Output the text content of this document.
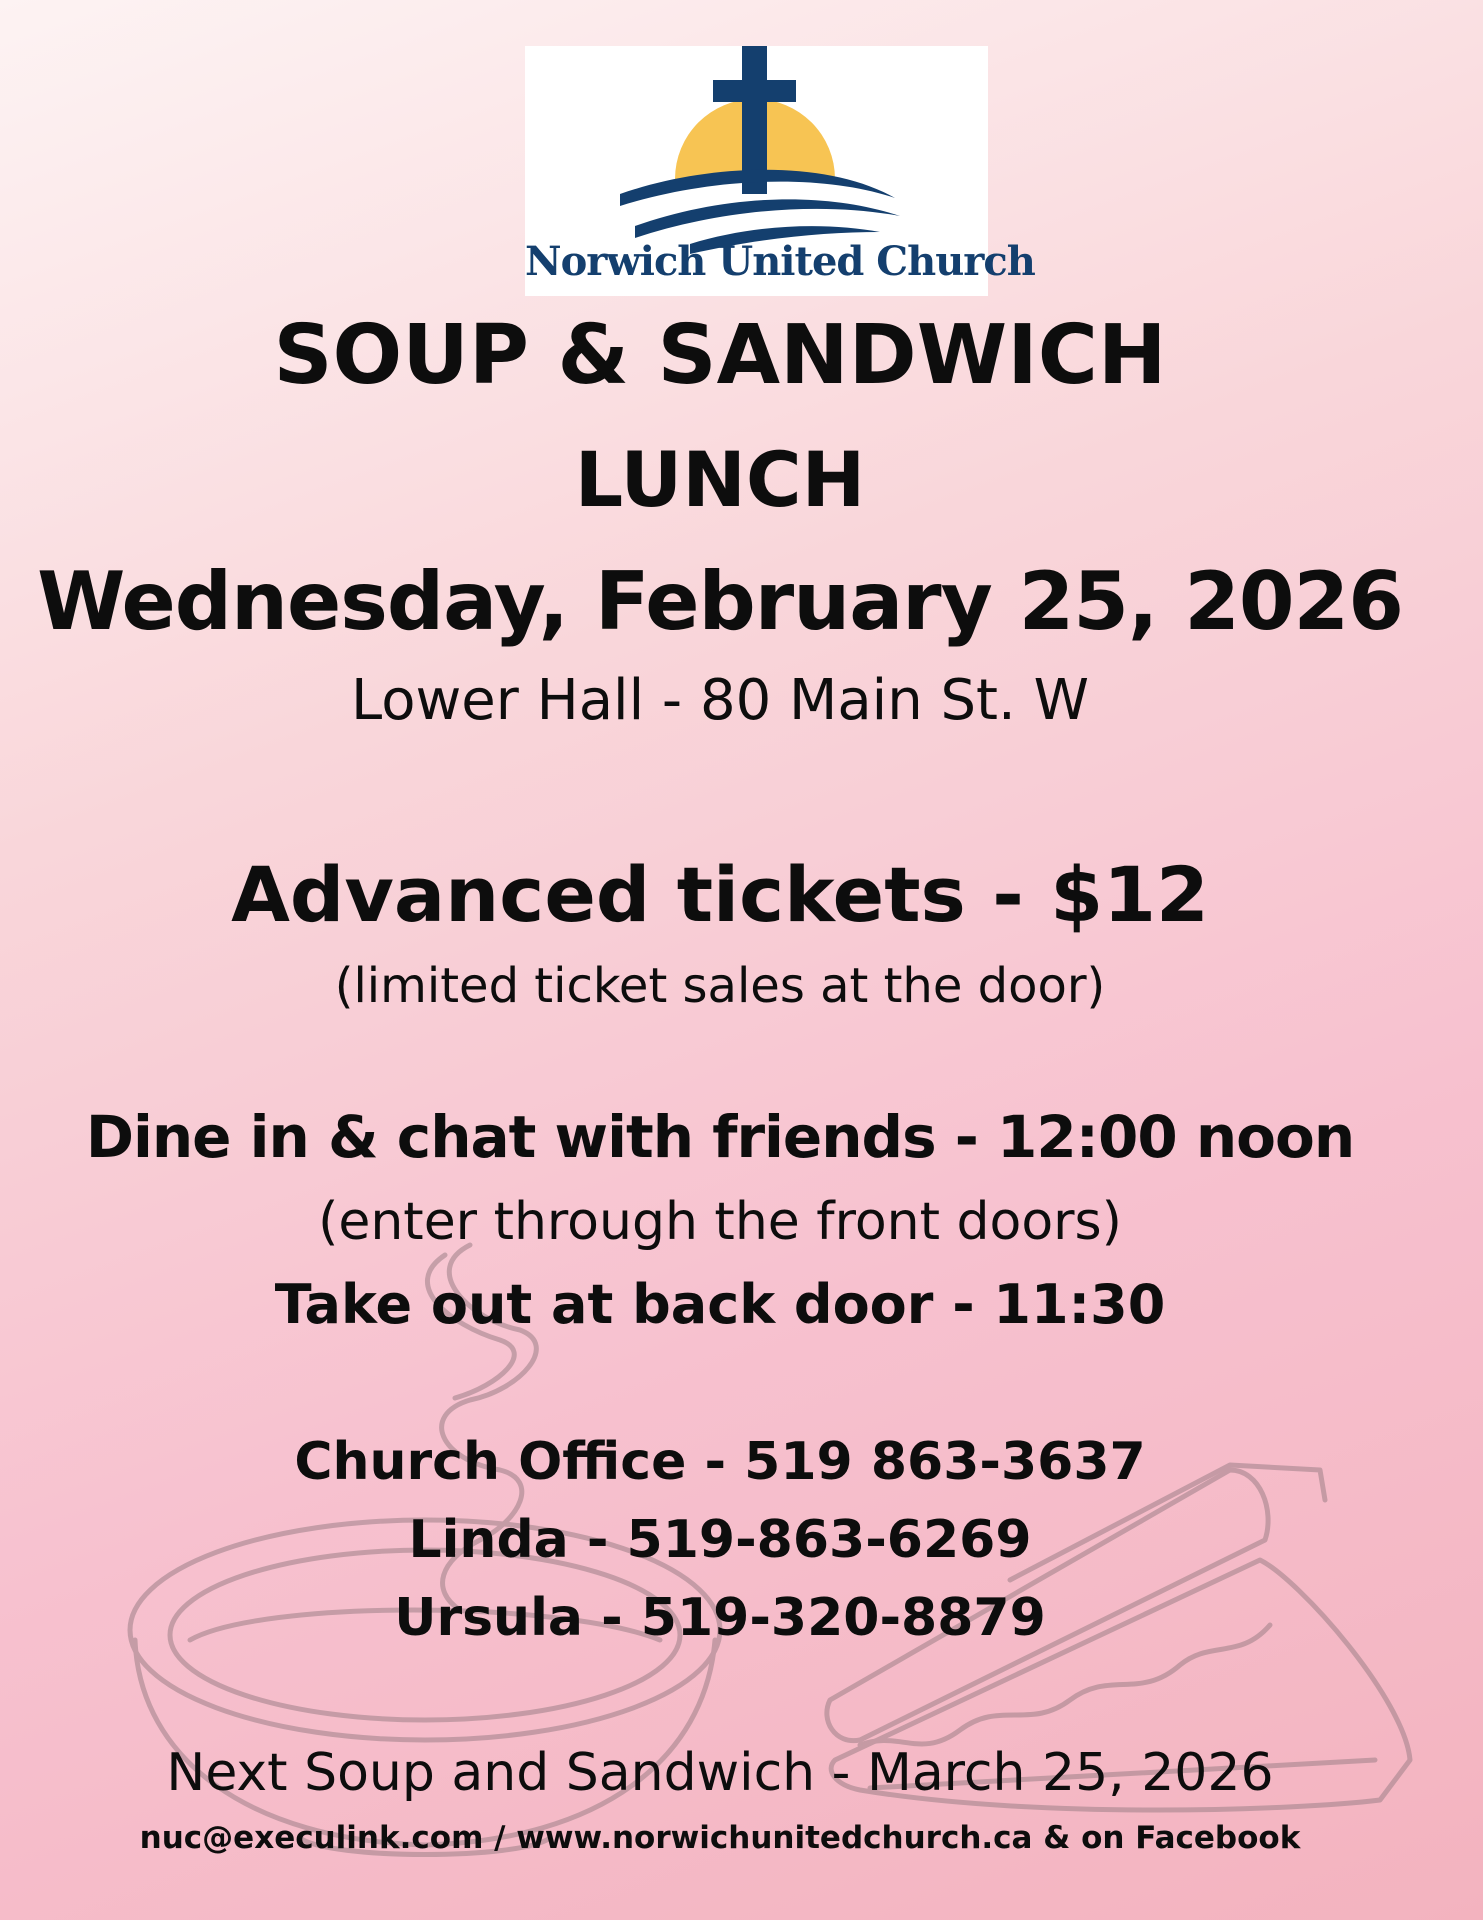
Norwich United Church
SOUP & SANDWICH
LUNCH
Wednesday, February 25, 2026
Lower Hall - 80 Main St. W
Advanced tickets - $12
(limited ticket sales at the door)
Dine in & chat with friends - 12:00 noon
(enter through the front doors)
Take out at back door - 11:30
Church Office - 519 863-3637
Linda - 519-863-6269
Ursula - 519-320-8879
Next Soup and Sandwich - March 25, 2026
nuc@execulink.com / www.norwichunitedchurch.ca & on Facebook
